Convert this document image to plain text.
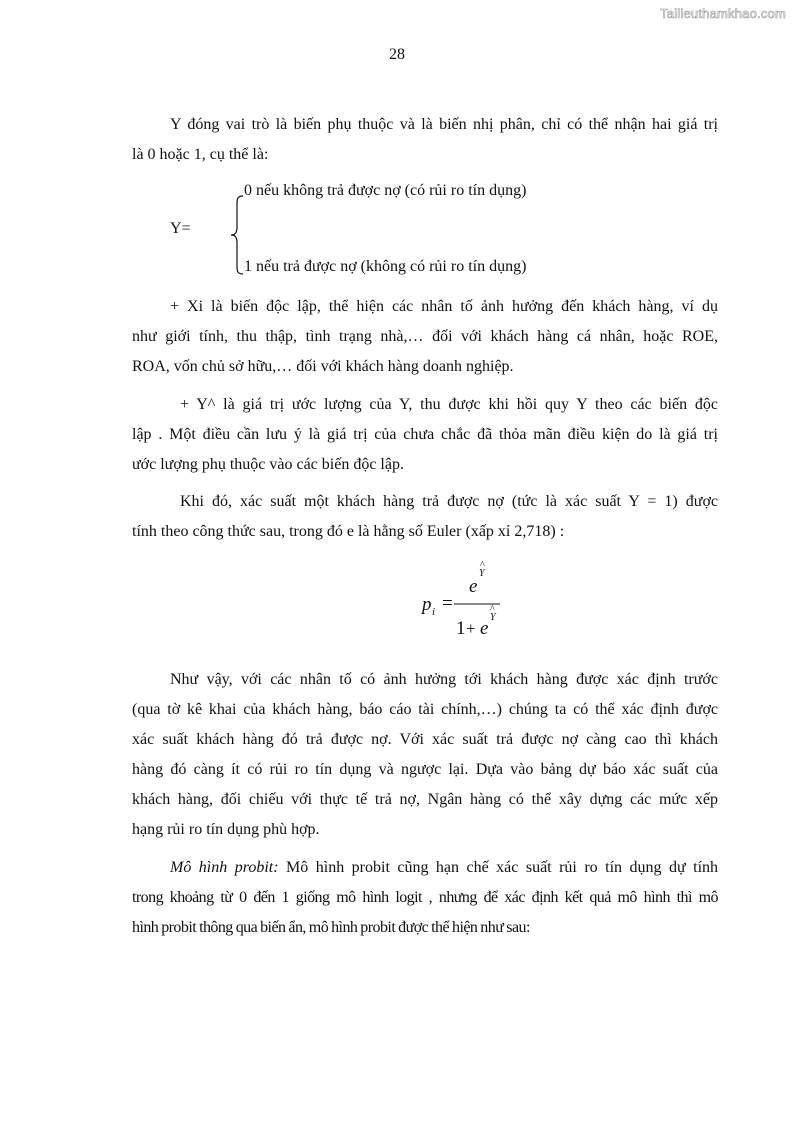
Tailieuthamkhao.com
28
Y đóng vai trò là biến phụ thuộc và là biến nhị phân, chỉ có thể nhận hai giá trị
là 0 hoặc 1, cụ thể là:
Y=
0 nếu không trả được nợ (có rủi ro tín dụng)
1 nếu trả được nợ (không có rủi ro tín dụng)
+ Xi là biến độc lập, thể hiện các nhân tố ảnh hưởng đến khách hàng, ví dụ
như giới tính, thu thập, tình trạng nhà,… đối với khách hàng cá nhân, hoặc ROE,
ROA, vốn chủ sở hữu,… đối với khách hàng doanh nghiệp.
+ Y^ là giá trị ước lượng của Y, thu được khi hồi quy Y theo các biến độc
lập . Một điều cần lưu ý là giá trị của chưa chắc đã thỏa mãn điều kiện do là giá trị
ước lượng phụ thuộc vào các biến độc lập.
Khi đó, xác suất một khách hàng trả được nợ (tức là xác suất Y = 1) được
tính theo công thức sau, trong đó e là hằng số Euler (xấp xỉ 2,718) :
p i =
e
^
Y
1 + e
^
Y
Như vậy, với các nhân tố có ảnh hưởng tới khách hàng được xác định trước
(qua tờ kê khai của khách hàng, báo cáo tài chính,…) chúng ta có thể xác định được
xác suất khách hàng đó trả được nợ. Với xác suất trả được nợ càng cao thì khách
hàng đó càng ít có rủi ro tín dụng và ngược lại. Dựa vào bảng dự báo xác suất của
khách hàng, đối chiếu với thực tế trả nợ, Ngân hàng có thể xây dựng các mức xếp
hạng rủi ro tín dụng phù hợp.
Mô hình probit: Mô hình probit cũng hạn chế xác suất rủi ro tín dụng dự tính
trong khoảng từ 0 đến 1 giống mô hình logit , nhưng để xác định kết quả mô hình thì mô
hình probit thông qua biến ẩn, mô hình probit được thể hiện như sau:
